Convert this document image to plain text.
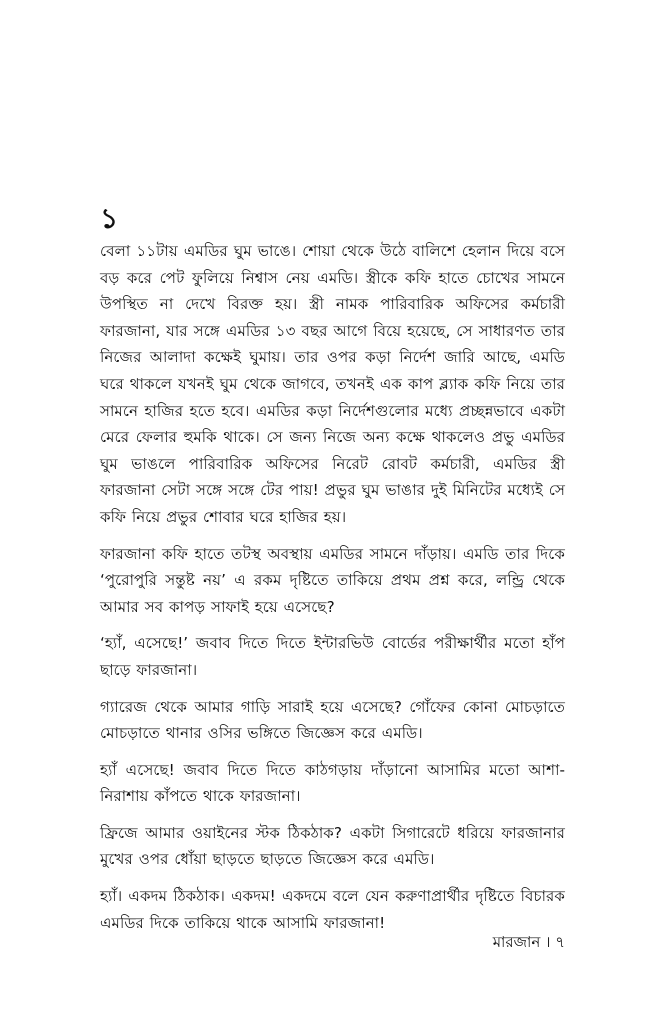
১

বেলা ১১টায় এমডির ঘুম ভাঙে। শোয়া থেকে উঠে বালিশে হেলান দিয়ে বসে বড় করে পেট ফুলিয়ে নিশ্বাস নেয় এমডি। স্ত্রীকে কফি হাতে চোখের সামনে উপস্থিত না দেখে বিরক্ত হয়। স্ত্রী নামক পারিবারিক অফিসের কর্মচারী ফারজানা, যার সঙ্গে এমডির ১৩ বছর আগে বিয়ে হয়েছে, সে সাধারণত তার নিজের আলাদা কক্ষেই ঘুমায়। তার ওপর কড়া নির্দেশ জারি আছে, এমডি ঘরে থাকলে যখনই ঘুম থেকে জাগবে, তখনই এক কাপ ব্ল্যাক কফি নিয়ে তার সামনে হাজির হতে হবে। এমডির কড়া নির্দেশগুলোর মধ্যে প্রচ্ছন্নভাবে একটা মেরে ফেলার হুমকি থাকে। সে জন্য নিজে অন্য কক্ষে থাকলেও প্রভু এমডির ঘুম ভাঙলে পারিবারিক অফিসের নিরেট রোবট কর্মচারী, এমডির স্ত্রী ফারজানা সেটা সঙ্গে সঙ্গে টের পায়! প্রভুর ঘুম ভাঙার দুই মিনিটের মধ্যেই সে কফি নিয়ে প্রভুর শোবার ঘরে হাজির হয়।

ফারজানা কফি হাতে তটস্থ অবস্থায় এমডির সামনে দাঁড়ায়। এমডি তার দিকে ‘পুরোপুরি সন্তুষ্ট নয়’ এ রকম দৃষ্টিতে তাকিয়ে প্রথম প্রশ্ন করে, লন্ড্রি থেকে আমার সব কাপড় সাফাই হয়ে এসেছে?

‘হ্যাঁ, এসেছে!’ জবাব দিতে দিতে ইন্টারভিউ বোর্ডের পরীক্ষার্থীর মতো হাঁপ ছাড়ে ফারজানা।

গ্যারেজ থেকে আমার গাড়ি সারাই হয়ে এসেছে? গোঁফের কোনা মোচড়াতে মোচড়াতে থানার ওসির ভঙ্গিতে জিজ্ঞেস করে এমডি।

হ্যাঁ এসেছে! জবাব দিতে দিতে কাঠগড়ায় দাঁড়ানো আসামির মতো আশা-নিরাশায় কাঁপতে থাকে ফারজানা।

ফ্রিজে আমার ওয়াইনের স্টক ঠিকঠাক? একটা সিগারেটে ধরিয়ে ফারজানার মুখের ওপর ধোঁয়া ছাড়তে ছাড়তে জিজ্ঞেস করে এমডি।

হ্যাঁ। একদম ঠিকঠাক। একদম! একদমে বলে যেন করুণাপ্রার্থীর দৃষ্টিতে বিচারক এমডির দিকে তাকিয়ে থাকে আসামি ফারজানা!

মারজান । ৭
